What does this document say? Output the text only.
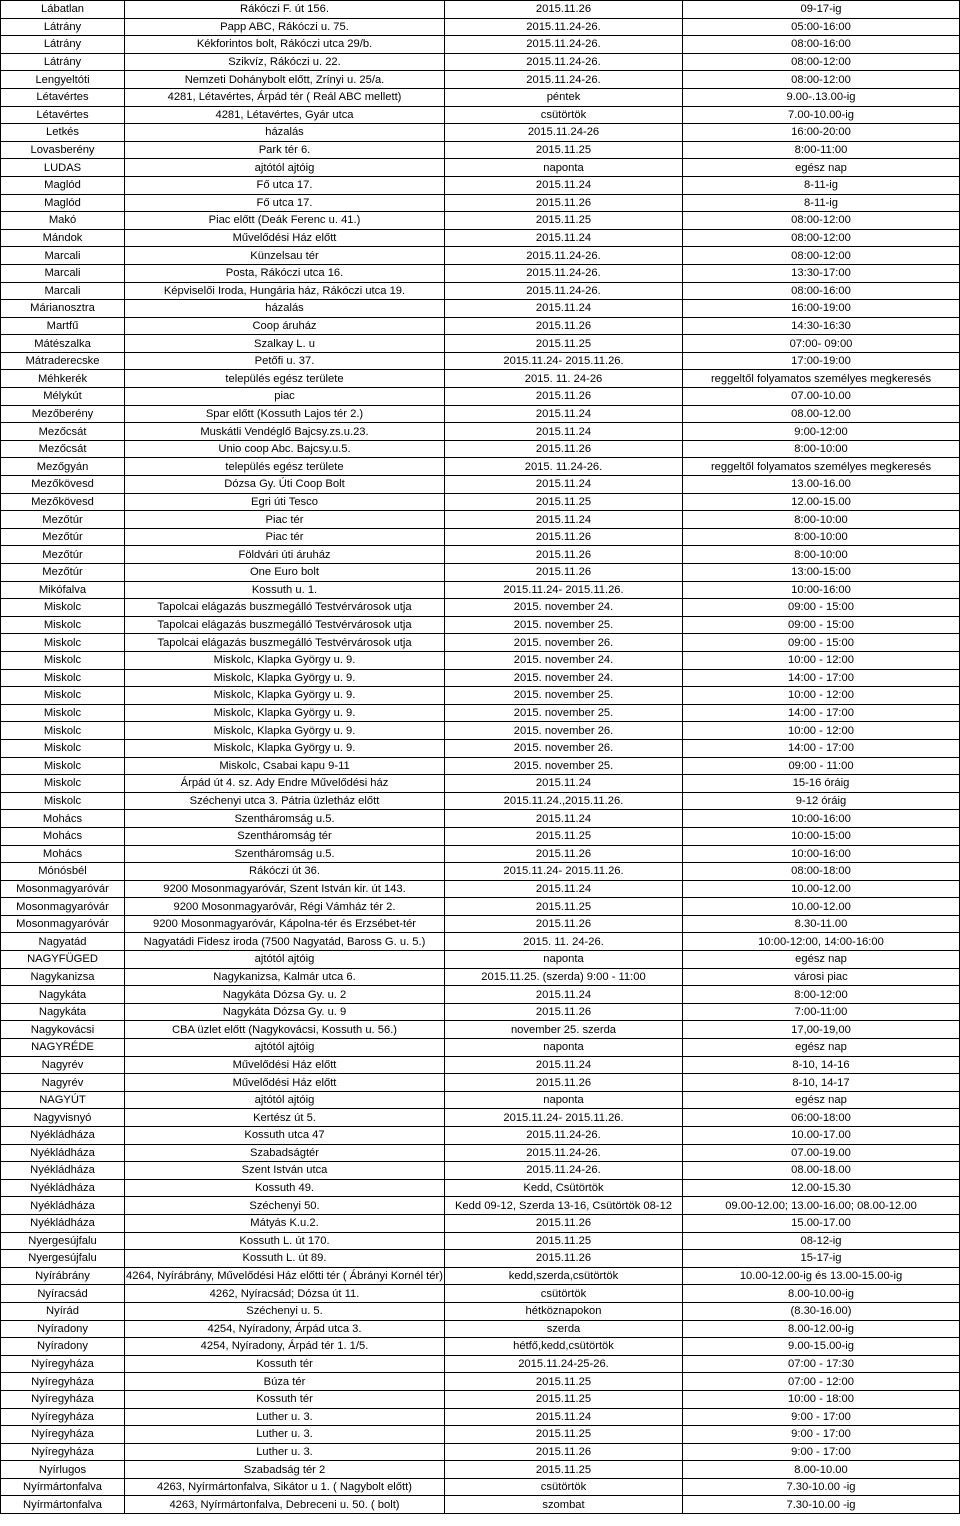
Lábatlan	Rákóczi F. út 156.	2015.11.26	09-17-ig
Látrány	Papp ABC, Rákóczi u. 75.	2015.11.24-26.	05:00-16:00
Látrány	Kékforintos bolt, Rákóczi utca 29/b.	2015.11.24-26.	08:00-16:00
Látrány	Szikvíz, Rákóczi u. 22.	2015.11.24-26.	08:00-12:00
Lengyeltóti	Nemzeti Dohánybolt előtt, Zrínyi u. 25/a.	2015.11.24-26.	08:00-12:00
Létavértes	4281, Létavértes, Árpád tér ( Reál ABC mellett)	péntek	9.00-.13.00-ig
Létavértes	4281, Létavértes, Gyár utca	csütörtök	7.00-10.00-ig
Letkés	házalás	2015.11.24-26	16:00-20:00
Lovasberény	Park tér 6.	2015.11.25	8:00-11:00
LUDAS	ajtótól ajtóig	naponta	egész nap
Maglód	Fő utca 17.	2015.11.24	8-11-ig
Maglód	Fő utca 17.	2015.11.26	8-11-ig
Makó	Piac előtt (Deák Ferenc u. 41.)	2015.11.25	08:00-12:00
Mándok	Művelődési Ház előtt	2015.11.24	08:00-12:00
Marcali	Künzelsau tér	2015.11.24-26.	08:00-12:00
Marcali	Posta, Rákóczi utca 16.	2015.11.24-26.	13:30-17:00
Marcali	Képviselői Iroda, Hungária ház, Rákóczi utca 19.	2015.11.24-26.	08:00-16:00
Márianosztra	házalás	2015.11.24	16:00-19:00
Martfű	Coop áruház	2015.11.26	14:30-16:30
Mátészalka	Szalkay L. u	2015.11.25	07:00- 09:00
Mátraderecske	Petőfi u. 37.	2015.11.24- 2015.11.26.	17:00-19:00
Méhkerék	település egész területe	2015. 11. 24-26	reggeltől folyamatos személyes megkeresés
Mélykút	piac	2015.11.26	07.00-10.00
Mezőberény	Spar előtt (Kossuth Lajos tér 2.)	2015.11.24	08.00-12.00
Mezőcsát	Muskátli Vendéglő Bajcsy.zs.u.23.	2015.11.24	9:00-12:00
Mezőcsát	Unio coop Abc. Bajcsy.u.5.	2015.11.26	8:00-10:00
Mezőgyán	település egész területe	2015. 11.24-26.	reggeltől folyamatos személyes megkeresés
Mezőkövesd	Dózsa Gy. Úti Coop Bolt	2015.11.24	13.00-16.00
Mezőkövesd	Egri úti Tesco	2015.11.25	12.00-15.00
Mezőtúr	Piac tér	2015.11.24	8:00-10:00
Mezőtúr	Piac tér	2015.11.26	8:00-10:00
Mezőtúr	Földvári úti áruház	2015.11.26	8:00-10:00
Mezőtúr	One Euro bolt	2015.11.26	13:00-15:00
Mikófalva	Kossuth u. 1.	2015.11.24- 2015.11.26.	10:00-16:00
Miskolc	Tapolcai elágazás buszmegálló Testvérvárosok utja	2015. november 24.	09:00 - 15:00
Miskolc	Tapolcai elágazás buszmegálló Testvérvárosok utja	2015. november 25.	09:00 - 15:00
Miskolc	Tapolcai elágazás buszmegálló Testvérvárosok utja	2015. november 26.	09:00 - 15:00
Miskolc	Miskolc, Klapka György u. 9.	2015. november 24.	10:00 - 12:00
Miskolc	Miskolc, Klapka György u. 9.	2015. november 24.	14:00 - 17:00
Miskolc	Miskolc, Klapka György u. 9.	2015. november 25.	10:00 - 12:00
Miskolc	Miskolc, Klapka György u. 9.	2015. november 25.	14:00 - 17:00
Miskolc	Miskolc, Klapka György u. 9.	2015. november 26.	10:00 - 12:00
Miskolc	Miskolc, Klapka György u. 9.	2015. november 26.	14:00 - 17:00
Miskolc	Miskolc, Csabai kapu 9-11	2015. november 25.	09:00 - 11:00
Miskolc	Árpád út 4. sz. Ady Endre Művelődési ház	2015.11.24	15-16 óráig
Miskolc	Széchenyi utca 3. Pátria üzletház előtt	2015.11.24.,2015.11.26.	9-12 óráig
Mohács	Szentháromság u.5.	2015.11.24	10:00-16:00
Mohács	Szentháromság tér	2015.11.25	10:00-15:00
Mohács	Szentháromság u.5.	2015.11.26	10:00-16:00
Mónósbél	Rákóczi út 36.	2015.11.24- 2015.11.26.	08:00-18:00
Mosonmagyaróvár	9200 Mosonmagyaróvár, Szent István kir. út 143.	2015.11.24	10.00-12.00
Mosonmagyaróvár	9200 Mosonmagyaróvár, Régi Vámház tér 2.	2015.11.25	10.00-12.00
Mosonmagyaróvár	9200 Mosonmagyaróvár, Kápolna-tér és Erzsébet-tér	2015.11.26	8.30-11.00
Nagyatád	Nagyatádi Fidesz iroda (7500 Nagyatád, Baross G. u. 5.)	2015. 11. 24-26.	10:00-12:00, 14:00-16:00
NAGYFÜGED	ajtótól ajtóig	naponta	egész nap
Nagykanizsa	Nagykanizsa, Kalmár utca 6.	2015.11.25. (szerda) 9:00 - 11:00	városi piac
Nagykáta	Nagykáta Dózsa Gy. u. 2	2015.11.24	8:00-12:00
Nagykáta	Nagykáta Dózsa Gy. u. 9	2015.11.26	7:00-11:00
Nagykovácsi	CBA üzlet előtt (Nagykovácsi, Kossuth u. 56.)	november 25. szerda	17,00-19,00
NAGYRÉDE	ajtótól ajtóig	naponta	egész nap
Nagyrév	Művelődési Ház előtt	2015.11.24	8-10, 14-16
Nagyrév	Művelődési Ház előtt	2015.11.26	8-10, 14-17
NAGYÚT	ajtótól ajtóig	naponta	egész nap
Nagyvisnyó	Kertész út 5.	2015.11.24- 2015.11.26.	06:00-18:00
Nyékládháza	Kossuth utca 47	2015.11.24-26.	10.00-17.00
Nyékládháza	Szabadságtér	2015.11.24-26.	07.00-19.00
Nyékládháza	Szent István utca	2015.11.24-26.	08.00-18.00
Nyékládháza	Kossuth 49.	Kedd, Csütörtök	12.00-15.30
Nyékládháza	Széchenyi 50.	Kedd 09-12, Szerda 13-16, Csütörtök 08-12	09.00-12.00; 13.00-16.00; 08.00-12.00
Nyékládháza	Mátyás K.u.2.	2015.11.26	15.00-17.00
Nyergesújfalu	Kossuth L. út 170.	2015.11.25	08-12-ig
Nyergesújfalu	Kossuth L. út 89.	2015.11.26	15-17-ig
Nyírábrány	4264, Nyírábrány, Művelődési Ház előtti tér ( Ábrányi Kornél tér)	kedd,szerda,csütörtök	10.00-12.00-ig és 13.00-15.00-ig
Nyíracsád	4262, Nyíracsád; Dózsa út 11.	csütörtök	8.00-10.00-ig
Nyírád	Széchenyi u. 5.	hétköznapokon	(8.30-16.00)
Nyíradony	4254, Nyíradony, Árpád utca 3.	szerda	8.00-12.00-ig
Nyíradony	4254, Nyíradony, Árpád tér 1. 1/5.	hétfő,kedd,csütörtök	9.00-15.00-ig
Nyíregyháza	Kossuth tér	2015.11.24-25-26.	07:00 - 17:30
Nyíregyháza	Búza tér	2015.11.25	07:00 - 12:00
Nyíregyháza	Kossuth tér	2015.11.25	10:00 - 18:00
Nyíregyháza	Luther u. 3.	2015.11.24	9:00 - 17:00
Nyíregyháza	Luther u. 3.	2015.11.25	9:00 - 17:00
Nyíregyháza	Luther u. 3.	2015.11.26	9:00 - 17:00
Nyírlugos	Szabadság tér 2	2015.11.25	8.00-10.00
Nyírmártonfalva	4263, Nyírmártonfalva, Sikátor u 1. ( Nagybolt előtt)	csütörtök	7.30-10.00 -ig
Nyírmártonfalva	4263, Nyírmártonfalva, Debreceni u. 50. ( bolt)	szombat	7.30-10.00 -ig
